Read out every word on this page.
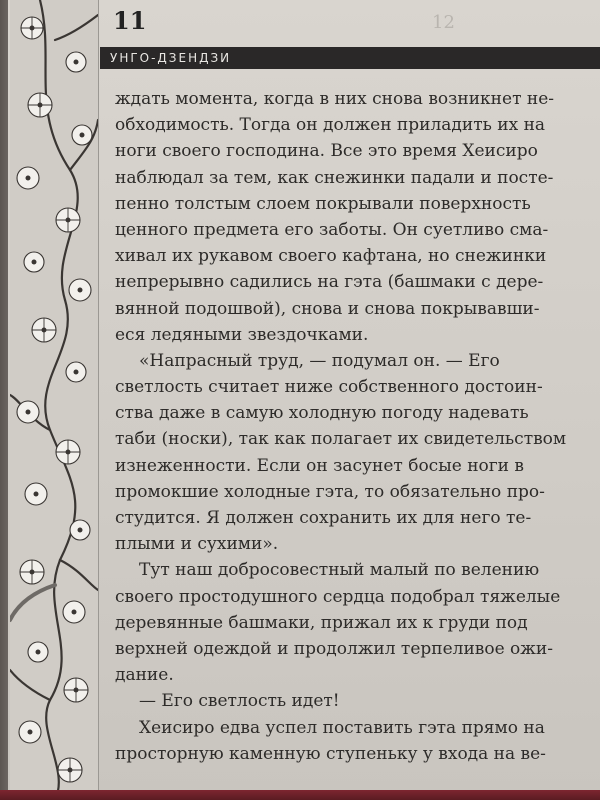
12
11
УНГО-ДЗЕНДЗИ
ждать момента, когда в них снова возникнет не-
обходимость. Тогда он должен приладить их на
ноги своего господина. Все это время Хеисиро
наблюдал за тем, как снежинки падали и посте-
пенно толстым слоем покрывали поверхность
ценного предмета его заботы. Он суетливо сма-
хивал их рукавом своего кафтана, но снежинки
непрерывно садились на гэта (башмаки с дере-
вянной подошвой), снова и снова покрывавши-
еся ледяными звездочками.
«Напрасный труд, — подумал он. — Его
светлость считает ниже собственного достоин-
ства даже в самую холодную погоду надевать
таби (носки), так как полагает их свидетельством
изнеженности. Если он засунет босые ноги в
промокшие холодные гэта, то обязательно про-
студится. Я должен сохранить их для него те-
плыми и сухими».
Тут наш добросовестный малый по велению
своего простодушного сердца подобрал тяжелые
деревянные башмаки, прижал их к груди под
верхней одеждой и продолжил терпеливое ожи-
дание.
— Его светлость идет!
Хеисиро едва успел поставить гэта прямо на
просторную каменную ступеньку у входа на ве-
